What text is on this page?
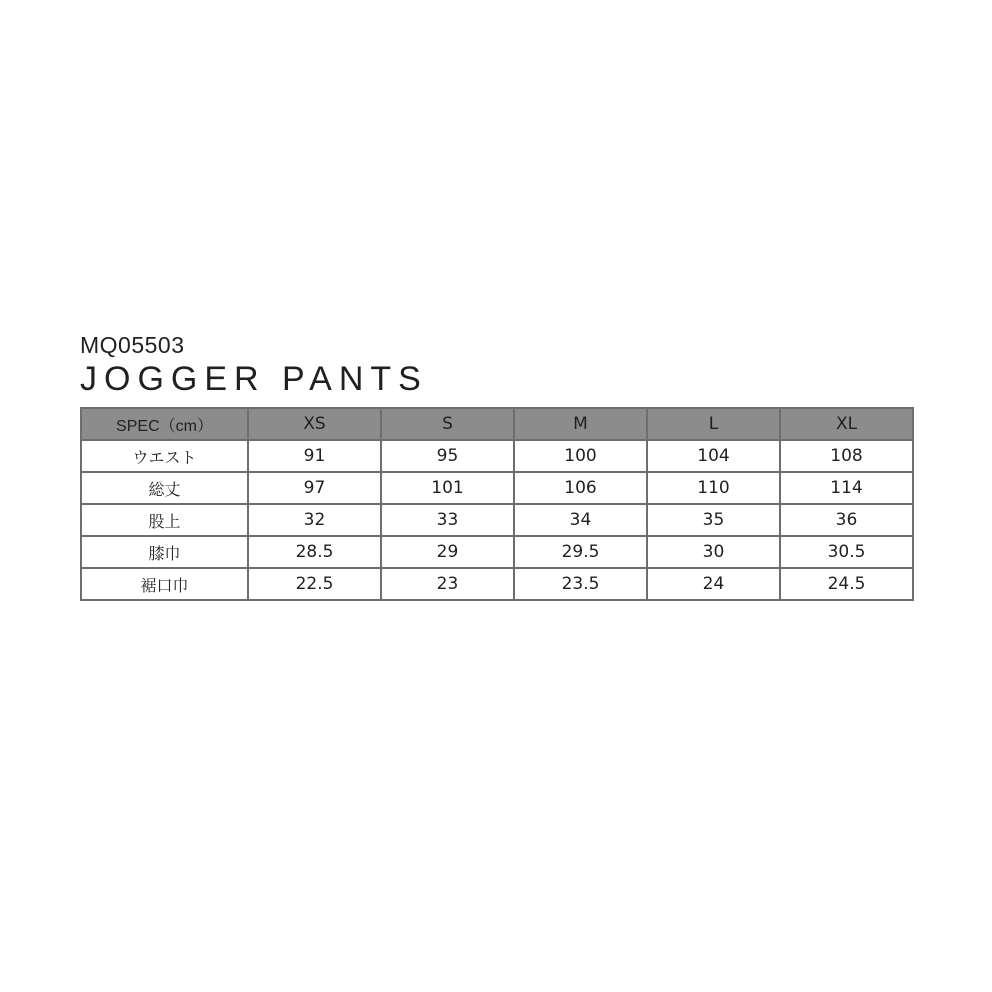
MQ05503
JOGGER PANTS
SPEC（cm）	XS	S	M	L	XL
ウエスト	91	95	100	104	108
総丈	97	101	106	110	114
股上	32	33	34	35	36
膝巾	28.5	29	29.5	30	30.5
裾口巾	22.5	23	23.5	24	24.5
